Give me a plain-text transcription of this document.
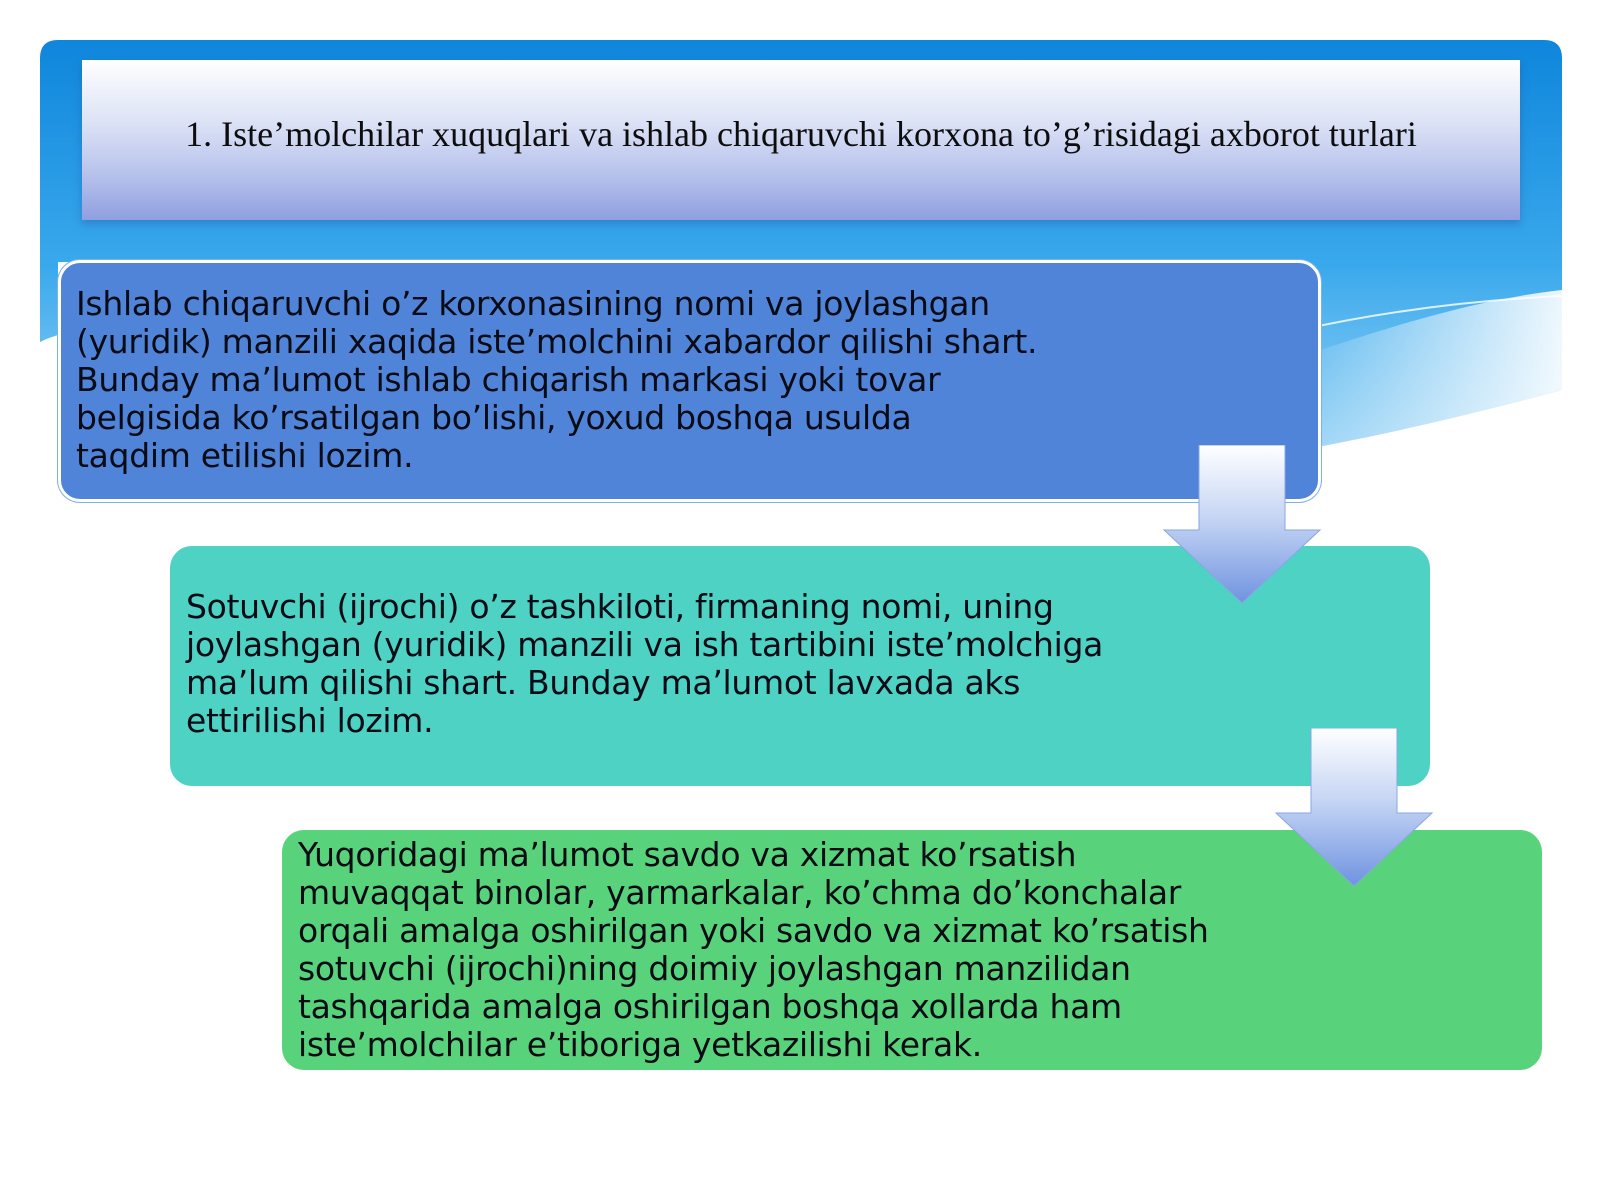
1. Iste’molchilar xuquqlari va ishlab chiqaruvchi korxona to’g’risidagi axborot turlari
Ishlab chiqaruvchi o’z korxonasining nomi va joylashgan
(yuridik) manzili xaqida iste’molchini xabardor qilishi shart.
Bunday ma’lumot ishlab chiqarish markasi yoki tovar
belgisida ko’rsatilgan bo’lishi, yoxud boshqa usulda
taqdim etilishi lozim.
Sotuvchi (ijrochi) o’z tashkiloti, firmaning nomi, uning
joylashgan (yuridik) manzili va ish tartibini iste’molchiga
ma’lum qilishi shart. Bunday ma’lumot lavxada aks
ettirilishi lozim.
Yuqoridagi ma’lumot savdo va xizmat ko’rsatish
muvaqqat binolar, yarmarkalar, ko’chma do’konchalar
orqali amalga oshirilgan yoki savdo va xizmat ko’rsatish
sotuvchi (ijrochi)ning doimiy joylashgan manzilidan
tashqarida amalga oshirilgan boshqa xollarda ham
iste’molchilar e’tiboriga yetkazilishi kerak.
